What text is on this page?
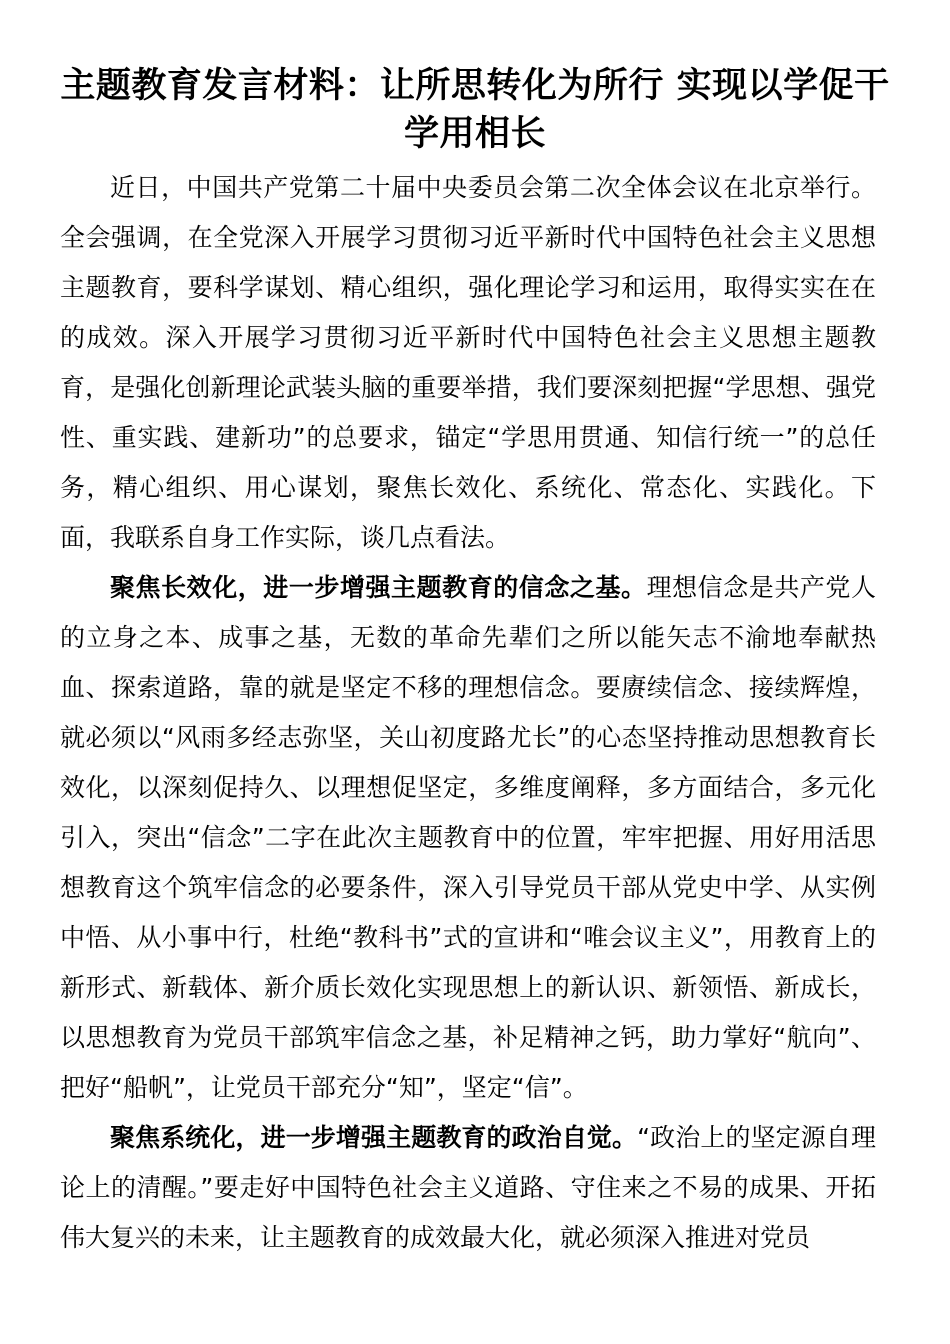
主题教育发言材料：让所思转化为所行 实现以学促干学用相长

近日，中国共产党第二十届中央委员会第二次全体会议在北京举行。全会强调，在全党深入开展学习贯彻习近平新时代中国特色社会主义思想主题教育，要科学谋划、精心组织，强化理论学习和运用，取得实实在在的成效。深入开展学习贯彻习近平新时代中国特色社会主义思想主题教育，是强化创新理论武装头脑的重要举措，我们要深刻把握“学思想、强党性、重实践、建新功”的总要求，锚定“学思用贯通、知信行统一”的总任务，精心组织、用心谋划，聚焦长效化、系统化、常态化、实践化。下面，我联系自身工作实际，谈几点看法。

聚焦长效化，进一步增强主题教育的信念之基。理想信念是共产党人的立身之本、成事之基，无数的革命先辈们之所以能矢志不渝地奉献热血、探索道路，靠的就是坚定不移的理想信念。要赓续信念、接续辉煌，就必须以“风雨多经志弥坚，关山初度路尤长”的心态坚持推动思想教育长效化，以深刻促持久、以理想促坚定，多维度阐释，多方面结合，多元化引入，突出“信念”二字在此次主题教育中的位置，牢牢把握、用好用活思想教育这个筑牢信念的必要条件，深入引导党员干部从党史中学、从实例中悟、从小事中行，杜绝“教科书”式的宣讲和“唯会议主义”，用教育上的新形式、新载体、新介质长效化实现思想上的新认识、新领悟、新成长，以思想教育为党员干部筑牢信念之基，补足精神之钙，助力掌好“航向”、把好“船帆”，让党员干部充分“知”，坚定“信”。

聚焦系统化，进一步增强主题教育的政治自觉。“政治上的坚定源自理论上的清醒。”要走好中国特色社会主义道路、守住来之不易的成果、开拓伟大复兴的未来，让主题教育的成效最大化，就必须深入推进对党员
